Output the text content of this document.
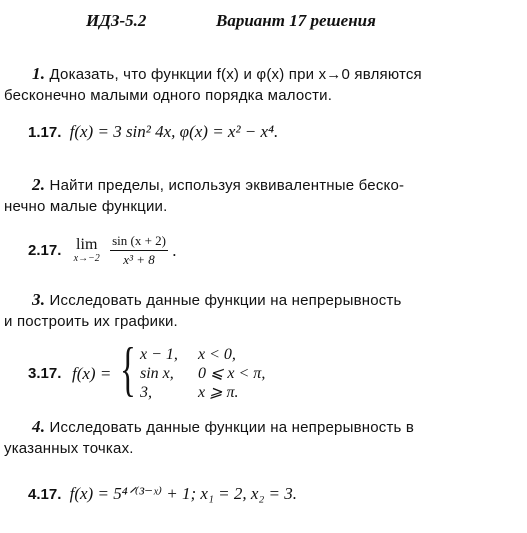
ИДЗ-5.2	Вариант 17 решения
1. Доказать, что функции f(x) и φ(x) при x→0 являются
бесконечно малыми одного порядка малости.
1.17. f(x) = 3 sin² 4x, φ(x) = x² − x⁴.
2. Найти пределы, используя эквивалентные беско-
нечно малые функции.
2.17. lim
x→−2
$\frac{\sin (x + 2)}{\text{x³ + 8}}$ .
3. Исследовать данные функции на непрерывность
и построить их графики.
3.17. f(x) = { x − 1, x < 0,
sin x, 0 ⩽ x < π,
3,	x ⩾ π.
4. Исследовать данные функции на непрерывность в
указанных точках.
4.17. f(x) = 5⁴ᐟ⁽³⁻ˣ⁾ + 1; x₁ = 2, x₂ = 3.
